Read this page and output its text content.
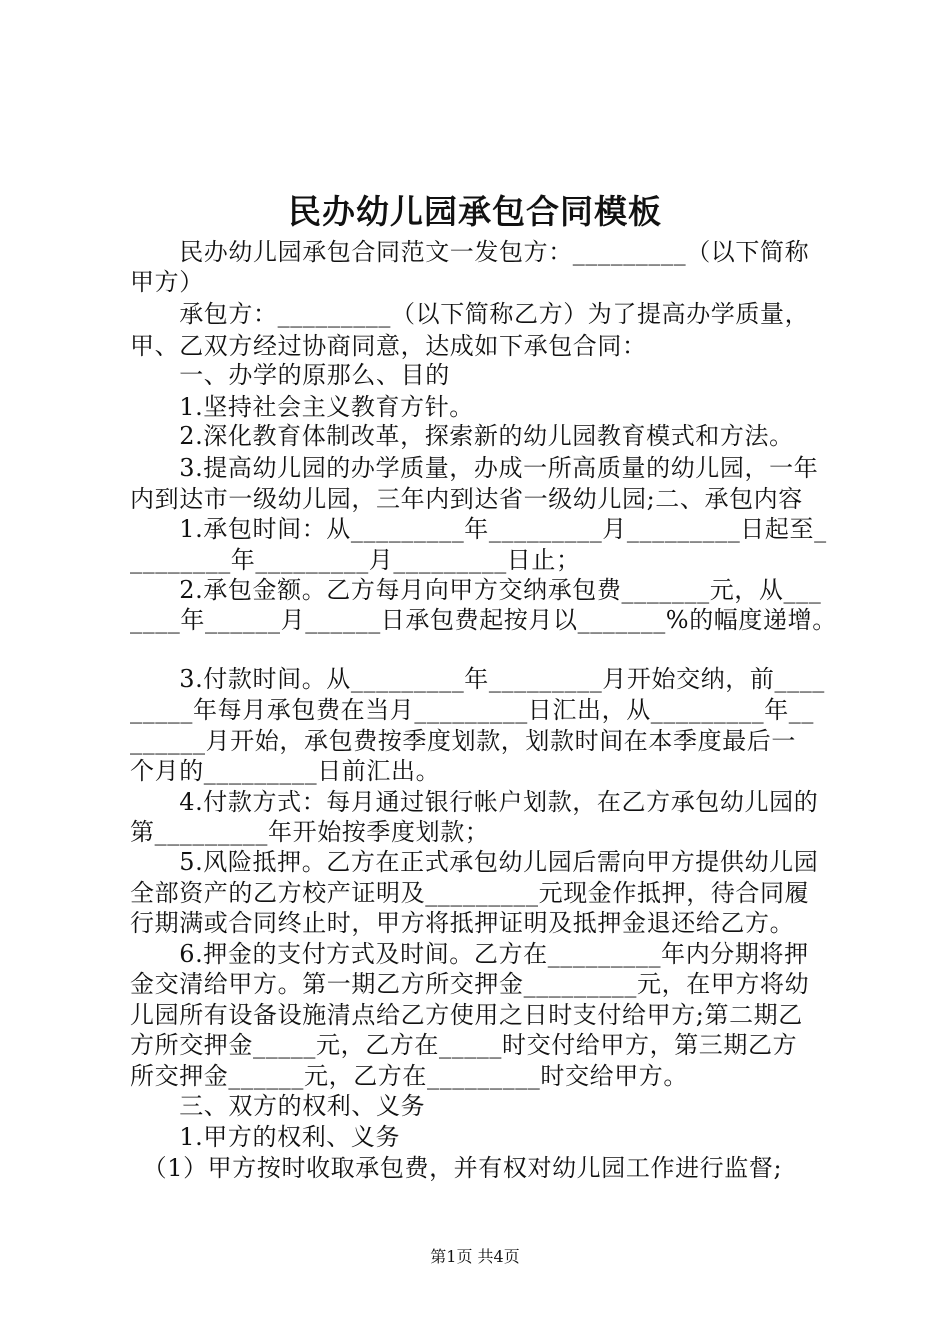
民办幼儿园承包合同模板
　　民办幼儿园承包合同范文一发包方：_________（以下简称
甲方）
　　承包方：_________（以下简称乙方）为了提高办学质量，
甲、乙双方经过协商同意，达成如下承包合同：
　　一、办学的原那么、目的
　　1.坚持社会主义教育方针。
　　2.深化教育体制改革，探索新的幼儿园教育模式和方法。
　　3.提高幼儿园的办学质量，办成一所高质量的幼儿园，一年
内到达市一级幼儿园，三年内到达省一级幼儿园;二、承包内容
　　1.承包时间：从_________年_________月_________日起至_
________年_________月_________日止；
　　2.承包金额。乙方每月向甲方交纳承包费_______元，从___
____年______月______日承包费起按月以_______%的幅度递增。
　　3.付款时间。从_________年_________月开始交纳，前____
_____年每月承包费在当月_________日汇出，从_________年__
______月开始，承包费按季度划款，划款时间在本季度最后一
个月的_________日前汇出。
　　4.付款方式：每月通过银行帐户划款，在乙方承包幼儿园的
第_________年开始按季度划款；
　　5.风险抵押。乙方在正式承包幼儿园后需向甲方提供幼儿园
全部资产的乙方校产证明及_________元现金作抵押，待合同履
行期满或合同终止时，甲方将抵押证明及抵押金退还给乙方。
　　6.押金的支付方式及时间。乙方在_________年内分期将押
金交清给甲方。第一期乙方所交押金_________元，在甲方将幼
儿园所有设备设施清点给乙方使用之日时支付给甲方;第二期乙
方所交押金_____元，乙方在_____时交付给甲方，第三期乙方
所交押金______元，乙方在_________时交给甲方。
　　三、双方的权利、义务
　　1.甲方的权利、义务
　（1）甲方按时收取承包费，并有权对幼儿园工作进行监督;
第1页 共4页
